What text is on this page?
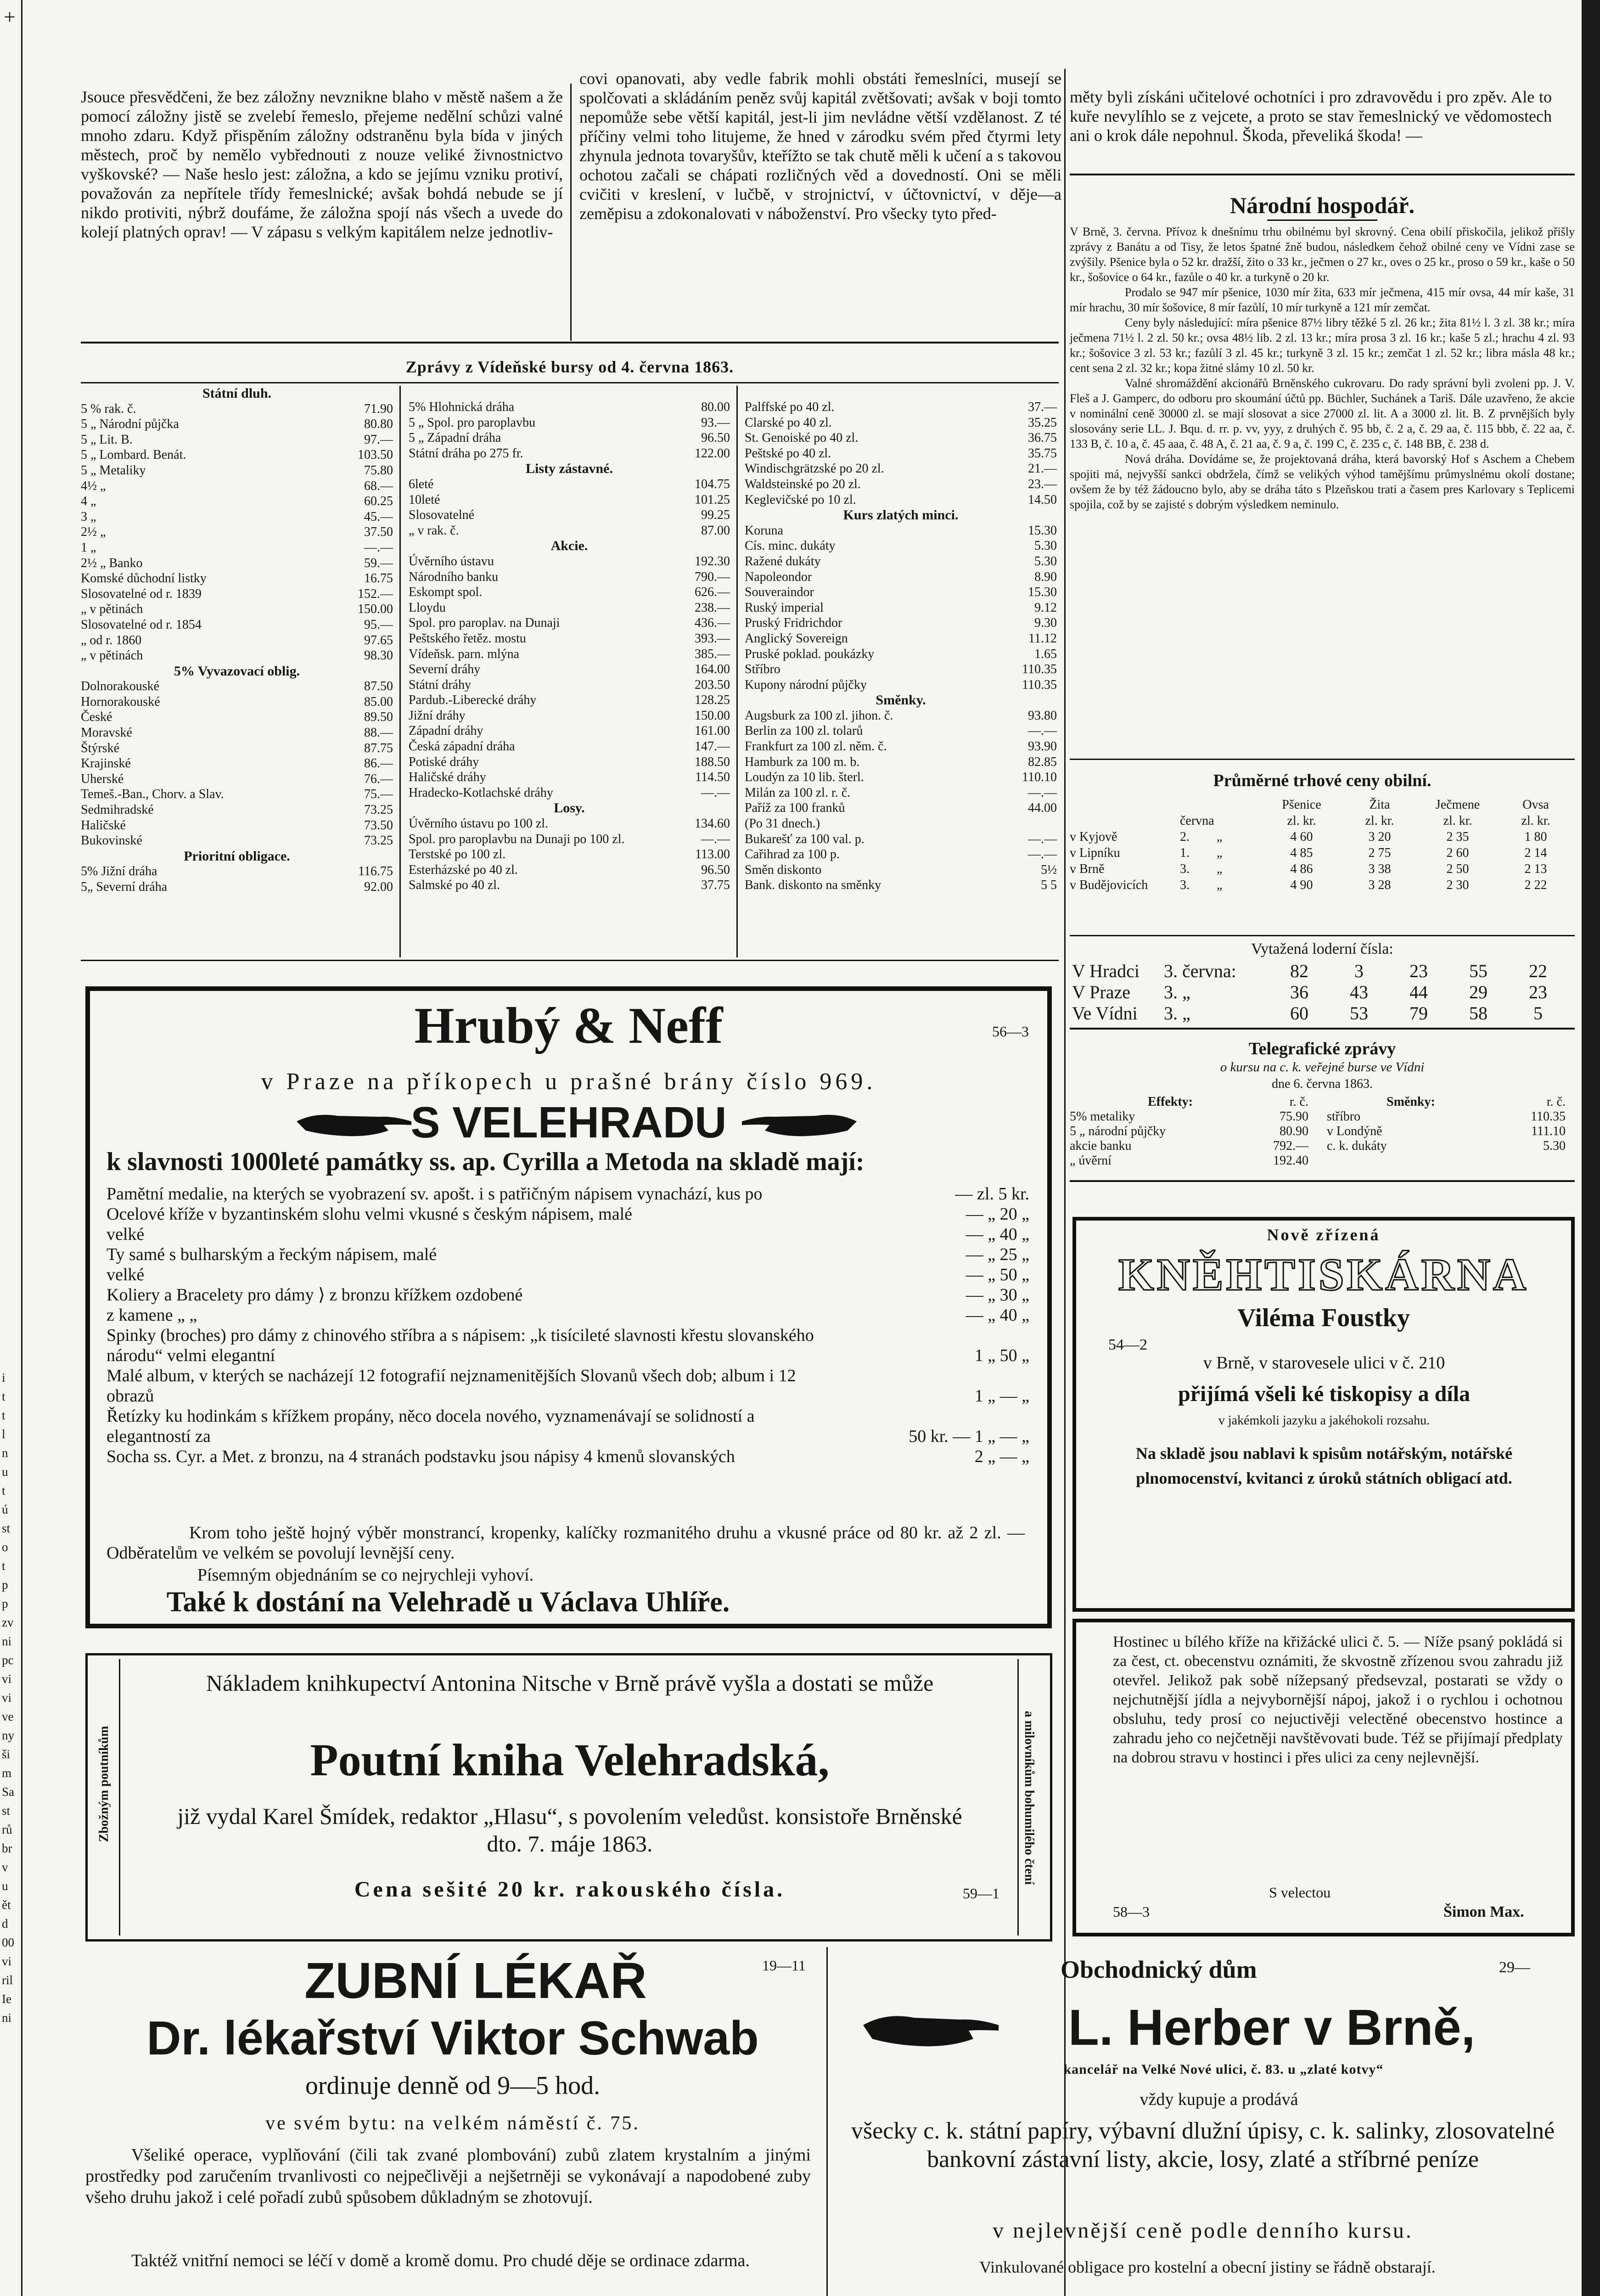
i
t
t
l
n
u
t
ú
st
o
t
p
p
zv
ni
pc
vi
vi
ve
ny
ši
m
Sa
st
rů
br
v
u
ět
d
00
vi
ril
Ie
ni
+

Jsouce přesvědčeni, že bez záložny nevznikne blaho v městě našem a že pomocí záložny jistě se zvelebí řemeslo, přejeme nedělní schůzi valné mnoho zdaru. Když přispěním záložny odstraněnu byla bída v jiných městech, proč by nemělo vybřednouti z nouze veliké živnostnictvo vyškovské? — Naše heslo jest: záložna, a kdo se jejímu vzniku protiví, považován za nepřítele třídy řemeslnické; avšak bohdá nebude se jí nikdo protiviti, nýbrž doufáme, že záložna spojí nás všech a uvede do kolejí platných oprav! — V zápasu s velkým kapitálem nelze jednotliv-

covi opanovati, aby vedle fabrik mohli obstáti řemeslníci, musejí se spolčovati a skládáním peněz svůj kapitál zvětšovati; avšak v boji tomto nepomůže sebe větší kapitál, jest-li jim nevládne větší vzdělanost. Z té příčiny velmi toho litujeme, že hned v zárodku svém před čtyrmi lety zhynula jednota tovaryšův, kteřížto se tak chutě měli k učení a s takovou ochotou začali se chápati rozličných věd a dovedností. Oni se měli cvičiti v kreslení, v lučbě, v strojnictví, v účtovnictví, v děje—a zeměpisu a zdokonalovati v náboženství. Pro všecky tyto před-

měty byli získáni učitelové ochotníci i pro zdravovědu i pro zpěv. Ale to kuře nevylíhlo se z vejcete, a proto se stav řemeslnický ve vědomostech ani o krok dále nepohnul. Škoda, převeliká škoda! —

Zprávy z Vídeňské bursy od 4. června 1863.
Státní dluh.
5 % rak. č.	71.90
5 „ Národní půjčka	80.80
5 „ Lit. B.	97.—
5 „ Lombard. Benát.	103.50
5 „ Metaliky	75.80
4½ „	68.—
4 „	60.25
3 „	45.—
2½ „	37.50
1 „	—.—
2½ „ Banko	59.—
Komské důchodní listky	16.75
Slosovatelné od r. 1839	152.—
„ v pětinách	150.00
Slosovatelné od r. 1854	95.—
„ od r. 1860	97.65
„ v pětinách	98.30
5% Vyvazovací oblig.
Dolnorakouské	87.50
Hornorakouské	85.00
České	89.50
Moravské	88.—
Štýrské	87.75
Krajinské	86.—
Uherské	76.—
Temeš.-Ban., Chorv. a Slav.	75.—
Sedmihradské	73.25
Haličské	73.50
Bukovinské	73.25
Prioritní obligace.
5% Jižní dráha	116.75
5„ Severní dráha	92.00
5% Hlohnická dráha	80.00
5 „ Spol. pro paroplavbu	93.—
5 „ Západní dráha	96.50
Státní dráha po 275 fr.	122.00
Listy zástavné.
6leté	104.75
10leté	101.25
Slosovatelné	99.25
„ v rak. č.	87.00
Akcie.
Úvěrního ústavu	192.30
Národního banku	790.—
Eskompt spol.	626.—
Lloydu	238.—
Spol. pro paroplav. na Dunaji	436.—
Peštského řetěz. mostu	393.—
Vídeňsk. parn. mlýna	385.—
Severní dráhy	164.00
Státní dráhy	203.50
Pardub.-Liberecké dráhy	128.25
Jižní dráhy	150.00
Západní dráhy	161.00
Česká západní dráha	147.—
Potiské dráhy	188.50
Haličské dráhy	114.50
Hradecko-Kotlachské dráhy	—.—
Losy.
Úvěrního ústavu po 100 zl.	134.60
Spol. pro paroplavbu na Dunaji po 100 zl.	—.—
Terstské po 100 zl.	113.00
Esterházské po 40 zl.	96.50
Salmské po 40 zl.	37.75
Palffské po 40 zl.	37.—
Clarské po 40 zl.	35.25
St. Genoiské po 40 zl.	36.75
Peštské po 40 zl.	35.75
Windischgrätzské po 20 zl.	21.—
Waldsteinské po 20 zl.	23.—
Keglevičské po 10 zl.	14.50
Kurs zlatých minci.
Koruna	15.30
Cís. minc. dukáty	5.30
Ražené dukáty	5.30
Napoleondor	8.90
Souveraindor	15.30
Ruský imperial	9.12
Pruský Fridrichdor	9.30
Anglický Sovereign	11.12
Pruské poklad. poukázky	1.65
Stříbro	110.35
Kupony národní půjčky	110.35
Směnky.
Augsburk za 100 zl. jihon. č.	93.80
Berlin za 100 zl. tolarů	—.—
Frankfurt za 100 zl. něm. č.	93.90
Hamburk za 100 m. b.	82.85
Loudýn za 10 lib. šterl.	110.10
Milán za 100 zl. r. č.	—.—
Paříž za 100 franků	44.00
(Po 31 dnech.)
Bukarešť za 100 val. p.	—.—
Cařihrad za 100 p.	—.—
Směn diskonto	5½
Bank. diskonto na směnky	5 5
Národní hospodář.
V Brně, 3. června. Přívoz k dnešnímu trhu obilnému byl skrovný. Cena obilí přiskočila, jelikož přišly zprávy z Banátu a od Tisy, že letos špatné žně budou, následkem čehož obilné ceny ve Vídni zase se zvýšily. Pšenice byla o 52 kr. dražší, žito o 33 kr., ječmen o 27 kr., oves o 25 kr., proso o 59 kr., kaše o 50 kr., šošovice o 64 kr., fazůle o 40 kr. a turkyně o 20 kr.
Prodalo se 947 mír pšenice, 1030 mír žita, 633 mír ječmena, 415 mír ovsa, 44 mír kaše, 31 mír hrachu, 30 mír šošovice, 8 mír fazůlí, 10 mír turkyně a 121 mír zemčat.
Ceny byly následující: míra pšenice 87½ libry těžké 5 zl. 26 kr.; žita 81½ l. 3 zl. 38 kr.; míra ječmena 71½ l. 2 zl. 50 kr.; ovsa 48½ lib. 2 zl. 13 kr.; míra prosa 3 zl. 16 kr.; kaše 5 zl.; hrachu 4 zl. 93 kr.; šošovice 3 zl. 53 kr.; fazůlí 3 zl. 45 kr.; turkyně 3 zl. 15 kr.; zemčat 1 zl. 52 kr.; libra másla 48 kr.; cent sena 2 zl. 32 kr.; kopa žitné slámy 10 zl. 50 kr.
Valné shromáždění akcionářů Brněnského cukrovaru. Do rady správní byli zvoleni pp. J. V. Fleš a J. Gamperc, do odboru pro skoumání účtů pp. Büchler, Suchánek a Tariš. Dále uzavřeno, že akcie v nominální ceně 30000 zl. se mají slosovat a sice 27000 zl. lit. A a 3000 zl. lit. B. Z prvnějších byly slosovány serie LL. J. Bqu. d. rr. p. vv, yyy, z druhých č. 95 bb, č. 2 a, č. 29 aa, č. 115 bbb, č. 22 aa, č. 133 B, č. 10 a, č. 45 aaa, č. 48 A, č. 21 aa, č. 9 a, č. 199 C, č. 235 c, č. 148 BB, č. 238 d.
Nová dráha. Dovídáme se, že projektovaná dráha, která bavorský Hof s Aschem a Chebem spojiti má, nejvyšší sankci obdržela, čímž se velikých výhod tamějšímu průmyslnému okolí dostane; ovšem že by též žádoucno bylo, aby se dráha táto s Plzeňskou trati a časem pres Karlovary s Teplicemi spojila, což by se zajisté s dobrým výsledkem neminulo.
Průměrné trhové ceny obilní.
Pšenice	Žita	Ječmene	Ovsa
června	zl. kr.	zl. kr.	zl. kr.	zl. kr.
v Kyjově	2.	„	4 60	3 20	2 35	1 80
v Lipníku	1.	„	4 85	2 75	2 60	2 14
v Brně	3.	„	4 86	3 38	2 50	2 13
v Budějovicích	3.	„	4 90	3 28	2 30	2 22
Vytažená loderní čísla:
V Hradci	3. června:	82	3	23	55	22
V Praze	3. „	36	43	44	29	23
Ve Vídni	3. „	60	53	79	58	5
Telegrafické zprávy
o kursu na c. k. veřejné burse ve Vídni
dne 6. června 1863.
Effekty:	r. č.
5% metaliky	75.90
5 „ národní půjčky	80.90
akcie banku	792.—
„ úvěrní	192.40
Směnky:	r. č.
stříbro	110.35
v Londýně	111.10
c. k. dukáty	5.30
Hrubý & Neff	56—3
v Praze na příkopech u prašné brány číslo 969.
S VELEHRADU
k slavnosti 1000leté památky ss. ap. Cyrilla a Metoda na skladě mají:
Pamětní medalie, na kterých se vyobrazení sv. apošt. i s patřičným nápisem vynachází, kus po	— zl. 5 kr.
Ocelové kříže v byzantinském slohu velmi vkusné s českým nápisem, malé	— „ 20 „
velké	— „ 40 „
Ty samé s bulharským a řeckým nápisem, malé	— „ 25 „
velké	— „ 50 „
Koliery a Bracelety pro dámy ⟩ z bronzu křížkem ozdobené	— „ 30 „
z kamene „ „	— „ 40 „
Spinky (broches) pro dámy z chinového stříbra a s nápisem: „k tisícileté slavnosti křestu slovanského národu“ velmi elegantní	1 „ 50 „
Malé album, v kterých se nacházejí 12 fotografií nejznamenitějších Slovanů všech dob; album i 12 obrazů	1 „ — „
Řetízky ku hodinkám s křížkem propány, něco docela nového, vyznamenávají se solidností a elegantností za	50 kr. — 1 „ — „
Socha ss. Cyr. a Met. z bronzu, na 4 stranách podstavku jsou nápisy 4 kmenů slovanských	2 „ — „
Krom toho ještě hojný výběr monstrancí, kropenky, kalíčky rozmanitého druhu a vkusné práce od 80 kr. až 2 zl. — Odběratelům ve velkém se povolují levnější ceny.
Písemným objednáním se co nejrychleji vyhoví.
Také k dostání na Velehradě u Václava Uhlíře.
Zbožným poutníkům	a milovníkům bohumilého čtení
Nákladem knihkupectví Antonina Nitsche v Brně právě vyšla a dostati se může
Poutní kniha Velehradská,
již vydal Karel Šmídek, redaktor „Hlasu“, s povolením veledůst. konsistoře Brněnské dto. 7. máje 1863.
Cena sešité 20 kr. rakouského čísla.	59—1
Nově zřízená
KNĚHTISKÁRNA
Viléma Foustky
54—2
v Brně, v starovesele ulici v č. 210
přijímá všeli ké tiskopisy a díla
v jakémkoli jazyku a jakéhokoli rozsahu.
Na skladě jsou nablavi k spisům notářským, notářské plnomocenství, kvitanci z úroků státních obligací atd.
Hostinec u bílého kříže na křižácké ulici č. 5. — Níže psaný pokládá si za čest, ct. obecenstvu oznámiti, že skvostně zřízenou svou zahradu již otevřel. Jelikož pak sobě nížepsaný předsevzal, postarati se vždy o nejchutnější jídla a nejvybornější nápoj, jakož i o rychlou i ochotnou obsluhu, tedy prosí co nejuctivěji velectěné obecenstvo hostince a zahradu jeho co nejčetněji navštěvovati bude. Též se přijímají předplaty na dobrou stravu v hostinci i přes ulici za ceny nejlevnější.
58—3
S velectou
Šimon Max.
ZUBNÍ LÉKAŘ	19—11
Dr. lékařství Viktor Schwab
ordinuje denně od 9—5 hod.
ve svém bytu: na velkém náměstí č. 75.
Všeliké operace, vyplňování (čili tak zvané plombování) zubů zlatem krystalním a jinými prostředky pod zaručením trvanlivosti co nejpečlivěji a nejšetrněji se vykonávají a napodobené zuby všeho druhu jakož i celé pořadí zubů spůsobem důkladným se zhotovují.
Taktéž vnitřní nemoci se léčí v domě a kromě domu. Pro chudé děje se ordinace zdarma.
Obchodnický dům	29—
L. Herber v Brně,
kancelář na Velké Nové ulici, č. 83. u „zlaté kotvy“
vždy kupuje a prodává
všecky c. k. státní papíry, výbavní dlužní úpisy, c. k. salinky, zlosovatelné bankovní zástavní listy, akcie, losy, zlaté a stříbrné peníze
v nejlevnější ceně podle denního kursu.
Vinkulované obligace pro kostelní a obecní jistiny se řádně obstarají.
